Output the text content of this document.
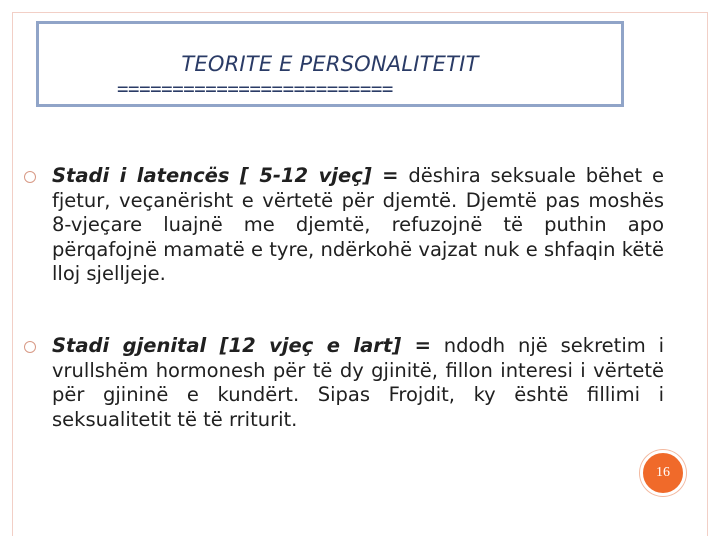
TEORITE E PERSONALITETIT
=========================
Stadi i latencës [ 5-12 vjeç] = dëshira seksuale bëhet e fjetur, veçanërisht e vërtetë për djemtë. Djemtë pas moshës 8-vjeçare luajnë me djemtë, refuzojnë të puthin apo përqafojnë mamatë e tyre, ndërkohë vajzat nuk e shfaqin këtë lloj sjelljeje.
Stadi gjenital [12 vjeç e lart] = ndodh një sekretim i vrullshëm hormonesh për të dy gjinitë, fillon interesi i vërtetë për gjininë e kundërt. Sipas Frojdit, ky është fillimi i seksualitetit të të rriturit.
16
